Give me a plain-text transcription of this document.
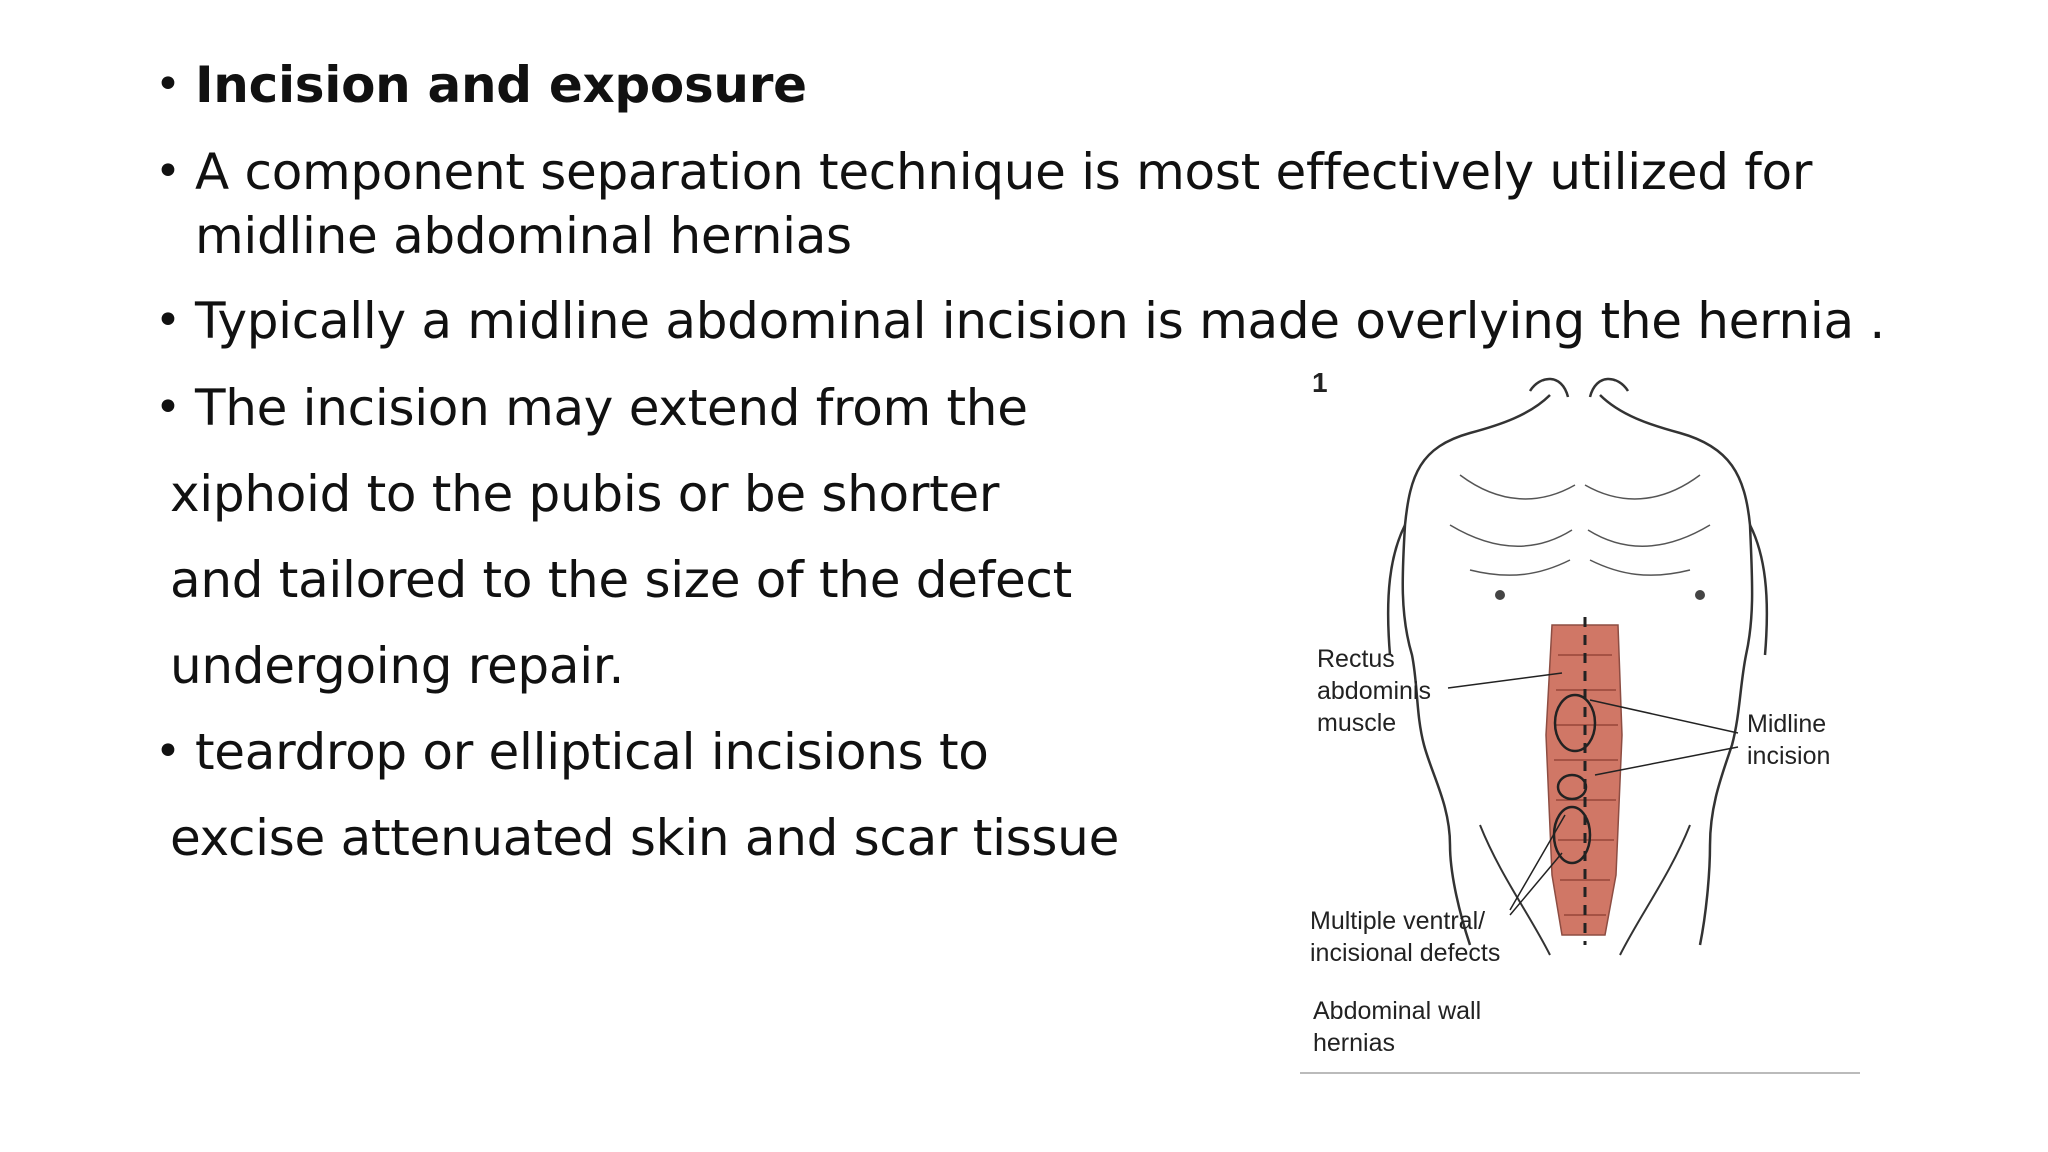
• Incision and exposure
• A component separation technique is most effectively utilized for
midline abdominal hernias
• Typically a midline abdominal incision is made overlying the hernia .
• The incision may extend from the
xiphoid to the pubis or be shorter
and tailored to the size of the defect
undergoing repair.
• teardrop or elliptical incisions to
excise attenuated skin and scar tissue
1
Rectus
abdominis
muscle	Midline
incision
Multiple ventral/
incisional defects
Abdominal wall
hernias
